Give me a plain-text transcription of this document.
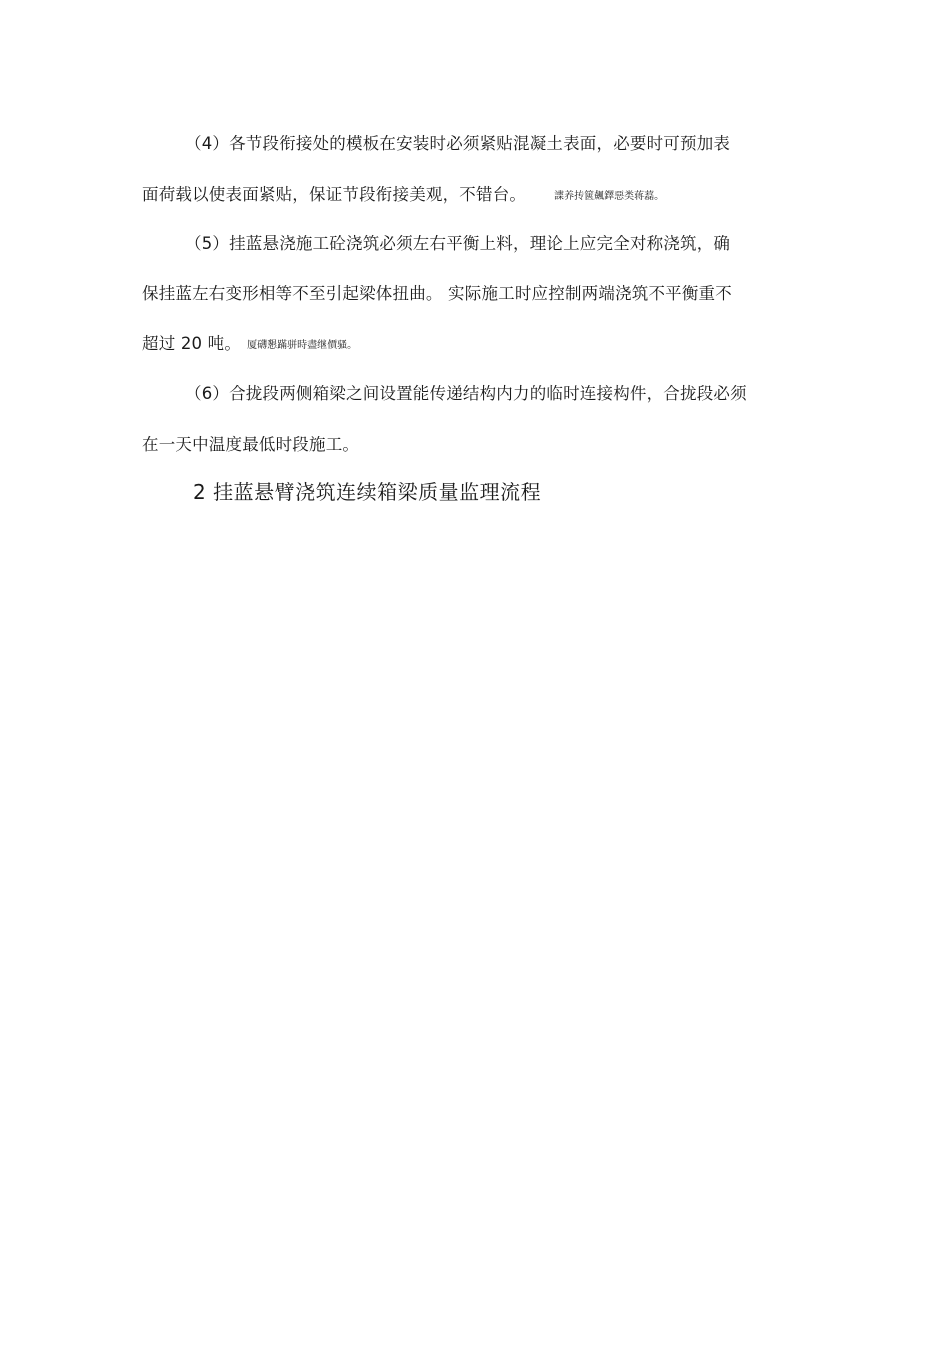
（4）各节段衔接处的模板在安装时必须紧贴混凝土表面，必要时可预加表
面荷载以使表面紧贴，保证节段衔接美观，不错台。	諜养抟篋飆鐸惡类蒋藞。
（5）挂蓝悬浇施工砼浇筑必须左右平衡上料，理论上应完全对称浇筑，确
保挂蓝左右变形相等不至引起梁体扭曲。 实际施工时应控制两端浇筑不平衡重不
超过 20 吨。 厦礴懇蹣骈時盡继價骚。
（6）合拢段两侧箱梁之间设置能传递结构内力的临时连接构件，合拢段必须
在一天中温度最低时段施工。
2 挂蓝悬臂浇筑连续箱梁质量监理流程
